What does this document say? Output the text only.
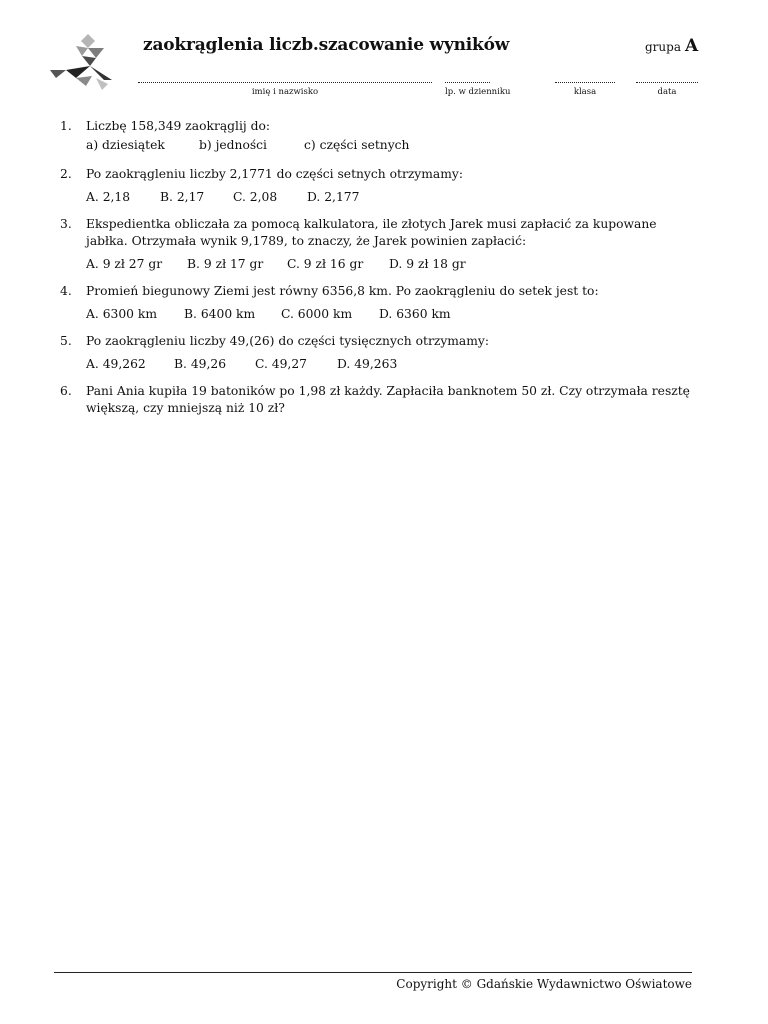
zaokrąglenia liczb.szacowanie wyników	grupa A
imię i nazwisko	lp. w dzienniku	klasa	data
1.	Liczbę 158,349 zaokrąglij do:
a) dziesiątek	b) jedności	c) części setnych
2.	Po zaokrągleniu liczby 2,1771 do części setnych otrzymamy:
A. 2,18	B. 2,17	C. 2,08	D. 2,177
3.	Ekspedientka obliczała za pomocą kalkulatora, ile złotych Jarek musi zapłacić za kupowane jabłka. Otrzymała wynik 9,1789, to znaczy, że Jarek powinien zapłacić:
A. 9 zł 27 gr	B. 9 zł 17 gr	C. 9 zł 16 gr	D. 9 zł 18 gr
4.	Promień biegunowy Ziemi jest równy 6356,8 km. Po zaokrągleniu do setek jest to:
A. 6300 km	B. 6400 km	C. 6000 km	D. 6360 km
5.	Po zaokrągleniu liczby 49,(26) do części tysięcznych otrzymamy:
A. 49,262	B. 49,26	C. 49,27	D. 49,263
6.	Pani Ania kupiła 19 batoników po 1,98 zł każdy. Zapłaciła banknotem 50 zł. Czy otrzymała resztę większą, czy mniejszą niż 10 zł?
Copyright © Gdańskie Wydawnictwo Oświatowe
